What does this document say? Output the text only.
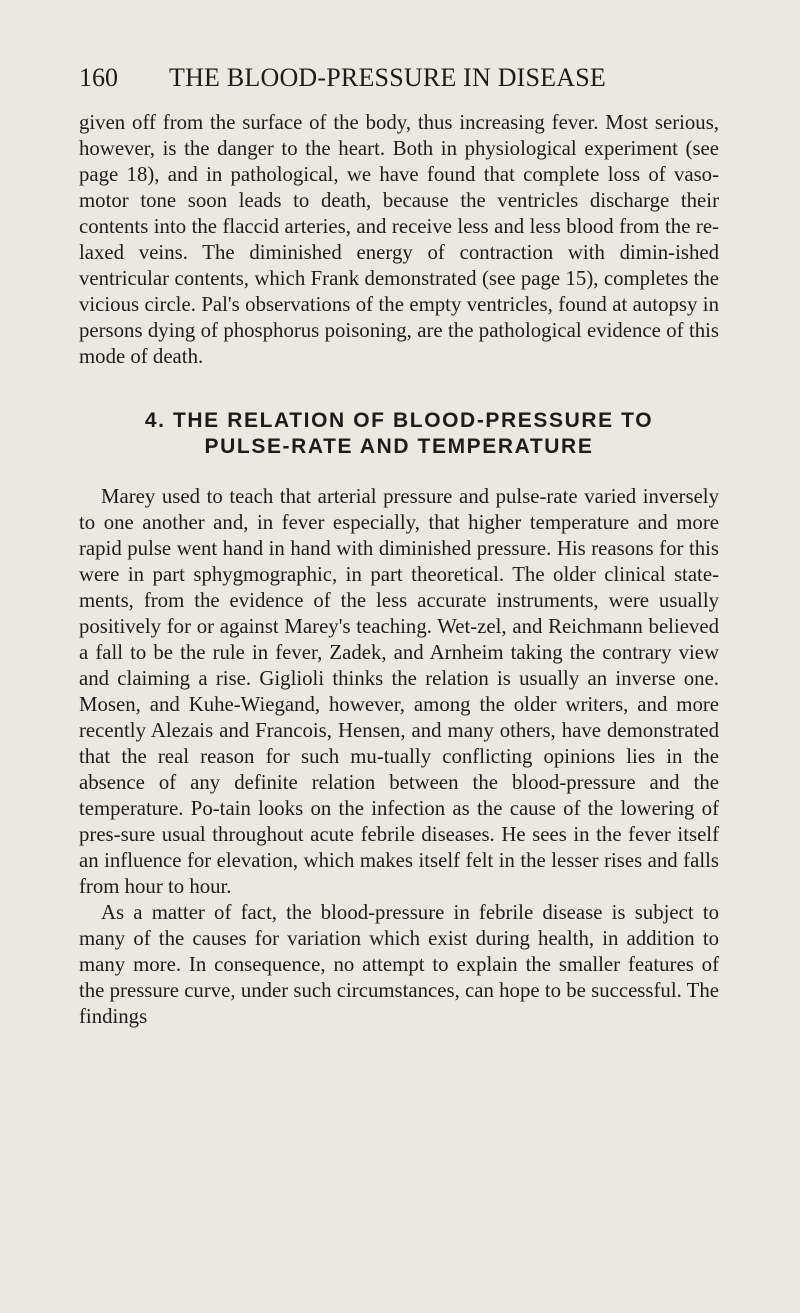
160 THE BLOOD-PRESSURE IN DISEASE

given off from the surface of the body, thus increasing fever. Most serious, however, is the danger to the heart. Both in physiological experiment (see page 18), and in pathological, we have found that complete loss of vaso-motor tone soon leads to death, because the ventricles discharge their contents into the flaccid arteries, and receive less and less blood from the re-laxed veins. The diminished energy of contraction with dimin-ished ventricular contents, which Frank demonstrated (see page 15), completes the vicious circle. Pal's observations of the empty ventricles, found at autopsy in persons dying of phosphorus poisoning, are the pathological evidence of this mode of death.

4. THE RELATION OF BLOOD-PRESSURE TO
PULSE-RATE AND TEMPERATURE

Marey used to teach that arterial pressure and pulse-rate varied inversely to one another and, in fever especially, that higher temperature and more rapid pulse went hand in hand with diminished pressure. His reasons for this were in part sphygmographic, in part theoretical. The older clinical state-ments, from the evidence of the less accurate instruments, were usually positively for or against Marey's teaching. Wet-zel, and Reichmann believed a fall to be the rule in fever, Zadek, and Arnheim taking the contrary view and claiming a rise. Giglioli thinks the relation is usually an inverse one. Mosen, and Kuhe-Wiegand, however, among the older writers, and more recently Alezais and Francois, Hensen, and many others, have demonstrated that the real reason for such mu-tually conflicting opinions lies in the absence of any definite relation between the blood-pressure and the temperature. Po-tain looks on the infection as the cause of the lowering of pres-sure usual throughout acute febrile diseases. He sees in the fever itself an influence for elevation, which makes itself felt in the lesser rises and falls from hour to hour.

As a matter of fact, the blood-pressure in febrile disease is subject to many of the causes for variation which exist during health, in addition to many more. In consequence, no attempt to explain the smaller features of the pressure curve, under such circumstances, can hope to be successful. The findings
